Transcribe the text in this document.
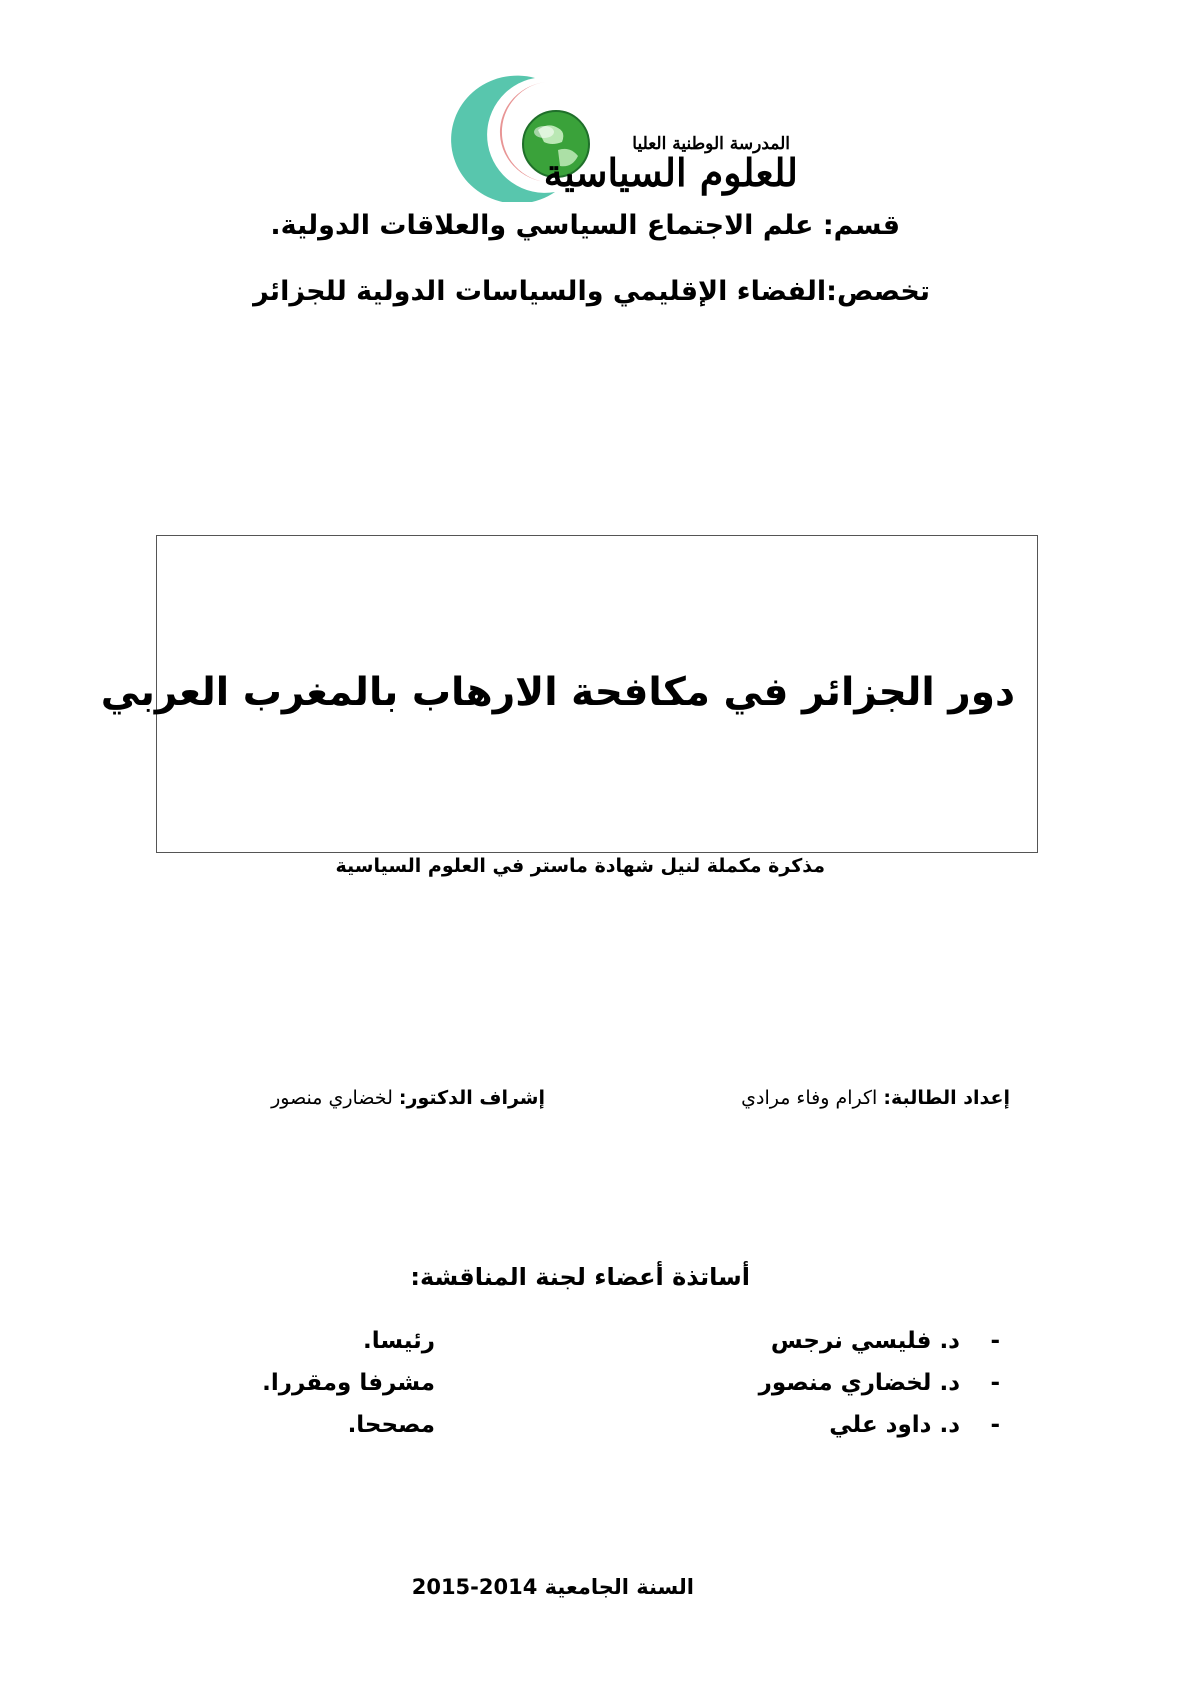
المدرسة الوطنية العليا
للعلوم السياسية
قسم: علم الاجتماع السياسي والعلاقات الدولية.
تخصص:الفضاء الإقليمي والسياسات الدولية للجزائر
دور الجزائر في مكافحة الارهاب بالمغرب العربي
مذكرة مكملة لنيل شهادة ماستر في العلوم السياسية
إعداد الطالبة: اكرام وفاء مرادي
إشراف الدكتور: لخضاري منصور
أساتذة أعضاء لجنة المناقشة:
-
د. فليسي نرجس
رئيسا.
-
د. لخضاري منصور
مشرفا ومقررا.
-
د. داود علي
مصححا.
السنة الجامعية 2014-2015
